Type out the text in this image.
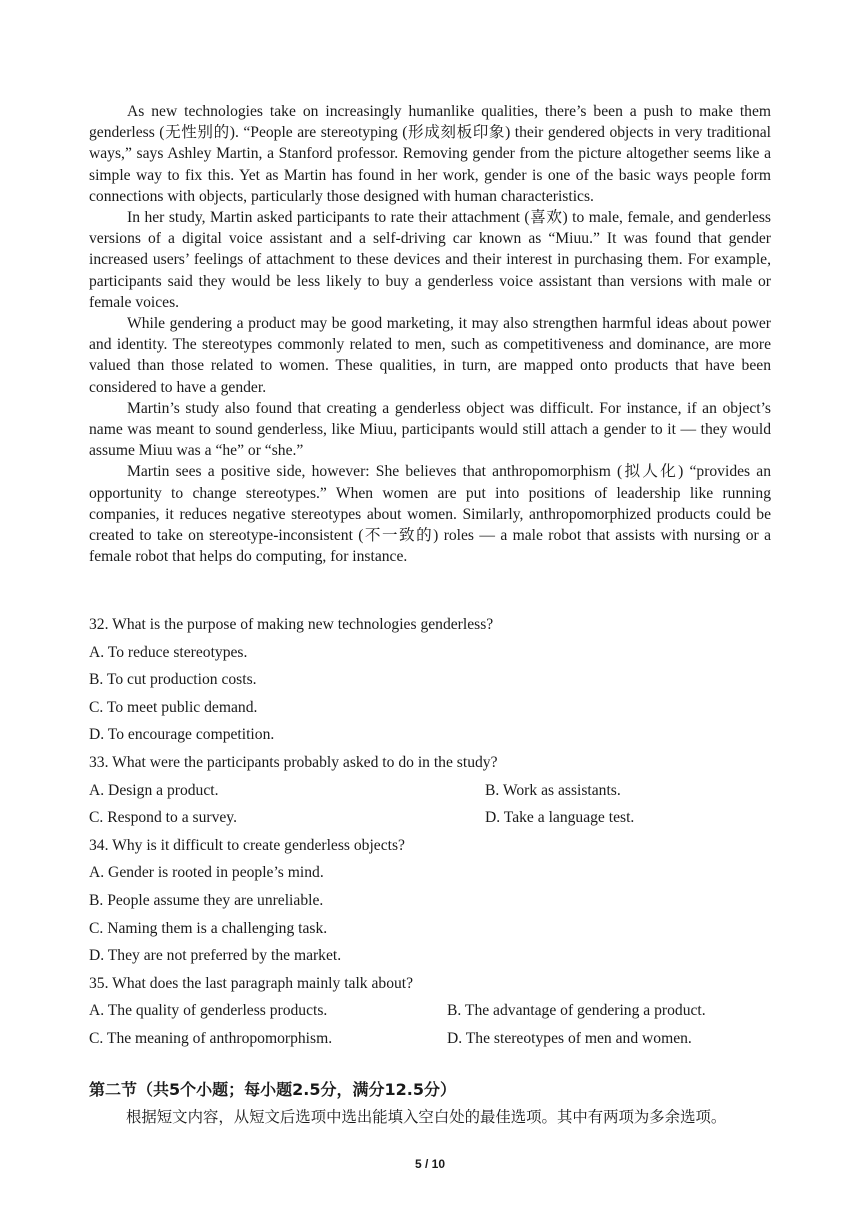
As new technologies take on increasingly humanlike qualities, there’s been a push to make them genderless (无性别的). “People are stereotyping (形成刻板印象) their gendered objects in very traditional ways,” says Ashley Martin, a Stanford professor. Removing gender from the picture altogether seems like a simple way to fix this. Yet as Martin has found in her work, gender is one of the basic ways people form connections with objects, particularly those designed with human characteristics.

In her study, Martin asked participants to rate their attachment (喜欢) to male, female, and genderless versions of a digital voice assistant and a self-driving car known as “Miuu.” It was found that gender increased users’ feelings of attachment to these devices and their interest in purchasing them. For example, participants said they would be less likely to buy a genderless voice assistant than versions with male or female voices.

While gendering a product may be good marketing, it may also strengthen harmful ideas about power and identity. The stereotypes commonly related to men, such as competitiveness and dominance, are more valued than those related to women. These qualities, in turn, are mapped onto products that have been considered to have a gender.

Martin’s study also found that creating a genderless object was difficult. For instance, if an object’s name was meant to sound genderless, like Miuu, participants would still attach a gender to it — they would assume Miuu was a “he” or “she.”

Martin sees a positive side, however: She believes that anthropomorphism (拟人化) “provides an opportunity to change stereotypes.” When women are put into positions of leadership like running companies, it reduces negative stereotypes about women. Similarly, anthropomorphized products could be created to take on stereotype-inconsistent (不一致的) roles — a male robot that assists with nursing or a female robot that helps do computing, for instance.

32. What is the purpose of making new technologies genderless?
A. To reduce stereotypes.
B. To cut production costs.
C. To meet public demand.
D. To encourage competition.
33. What were the participants probably asked to do in the study?
A. Design a product.	B. Work as assistants.
C. Respond to a survey.	D. Take a language test.
34. Why is it difficult to create genderless objects?
A. Gender is rooted in people’s mind.
B. People assume they are unreliable.
C. Naming them is a challenging task.
D. They are not preferred by the market.
35. What does the last paragraph mainly talk about?
A. The quality of genderless products.	B. The advantage of gendering a product.
C. The meaning of anthropomorphism.	D. The stereotypes of men and women.
第二节（共5个小题；每小题2.5分，满分12.5分）
根据短文内容，从短文后选项中选出能填入空白处的最佳选项。其中有两项为多余选项。
5 / 10
